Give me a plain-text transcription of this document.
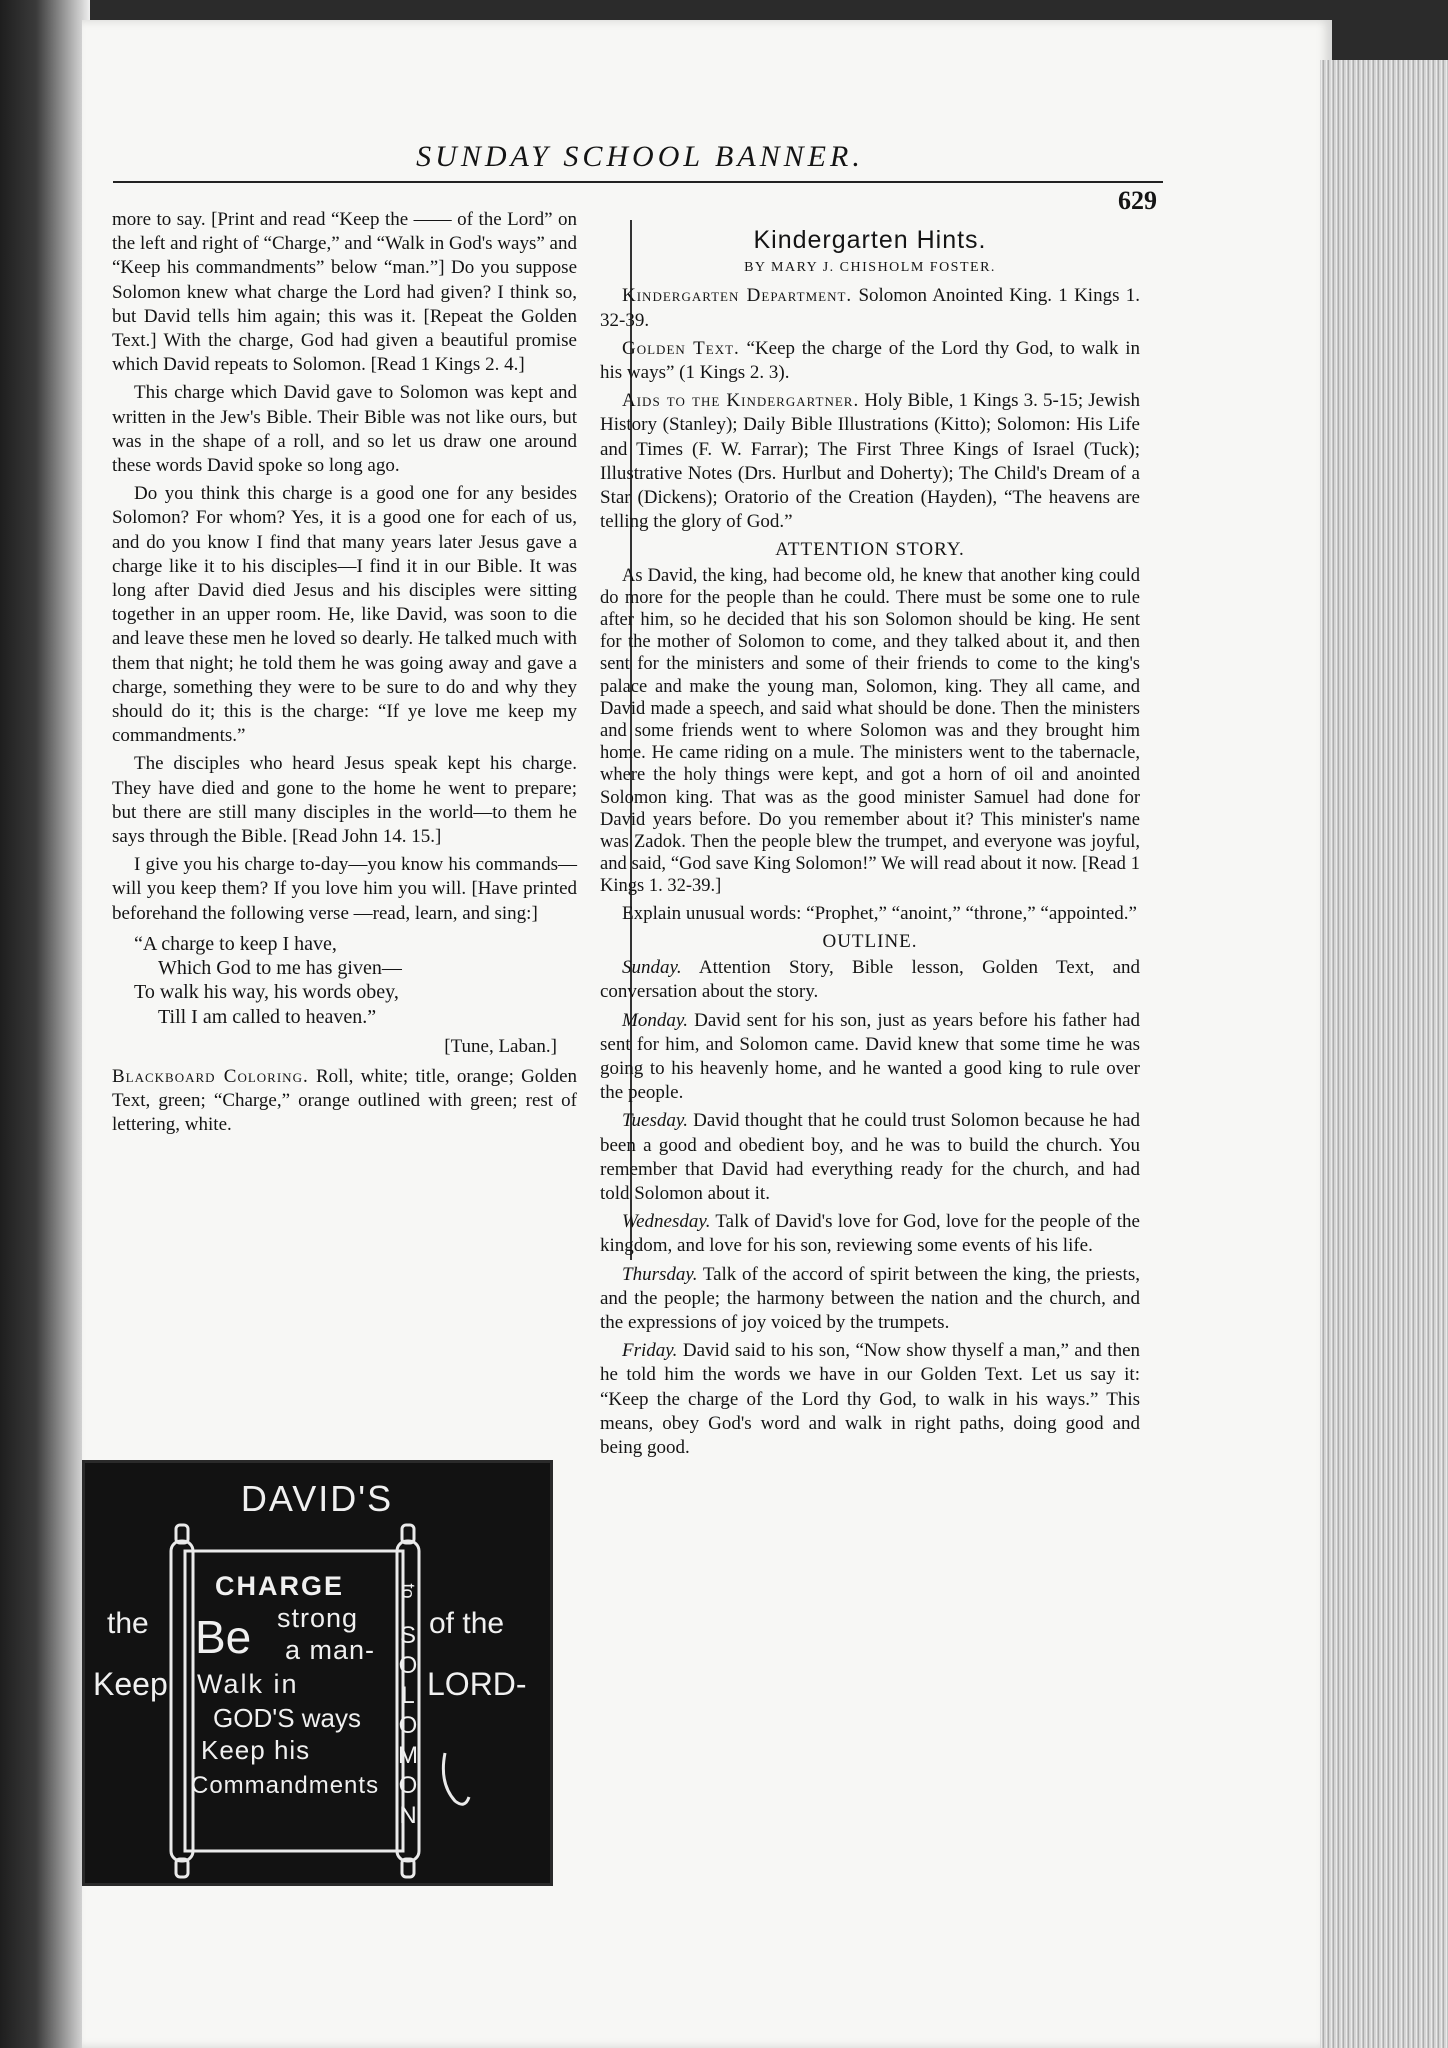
SUNDAY SCHOOL BANNER.
629

more to say. [Print and read “Keep the —— of the Lord” on the left and right of “Charge,” and “Walk in God's ways” and “Keep his commandments” below “man.”] Do you suppose Solomon knew what charge the Lord had given? I think so, but David tells him again; this was it. [Repeat the Golden Text.] With the charge, God had given a beautiful promise which David repeats to Solomon. [Read 1 Kings 2. 4.]

This charge which David gave to Solomon was kept and written in the Jew's Bible. Their Bible was not like ours, but was in the shape of a roll, and so let us draw one around these words David spoke so long ago.

Do you think this charge is a good one for any besides Solomon? For whom? Yes, it is a good one for each of us, and do you know I find that many years later Jesus gave a charge like it to his disciples—I find it in our Bible. It was long after David died Jesus and his disciples were sitting together in an upper room. He, like David, was soon to die and leave these men he loved so dearly. He talked much with them that night; he told them he was going away and gave a charge, something they were to be sure to do and why they should do it; this is the charge: “If ye love me keep my commandments.”

The disciples who heard Jesus speak kept his charge. They have died and gone to the home he went to prepare; but there are still many disciples in the world—to them he says through the Bible. [Read John 14. 15.]

I give you his charge to-day—you know his commands—will you keep them? If you love him you will. [Have printed beforehand the following verse —read, learn, and sing:]

“A charge to keep I have,
Which God to me has given—
To walk his way, his words obey,
Till I am called to heaven.”
[Tune, Laban.]

Blackboard Coloring. Roll, white; title, orange; Golden Text, green; “Charge,” orange outlined with green; rest of lettering, white.

DAVID'S
the
Keep
of the
LORD-
CHARGE
Be strong
a man-
Walk in
GOD'S ways
Keep his
Commandments
to
S
O
L
O
M
O
N
Kindergarten Hints.
BY MARY J. CHISHOLM FOSTER.

Kindergarten Department. Solomon Anointed King. 1 Kings 1. 32-39.

Golden Text. “Keep the charge of the Lord thy God, to walk in his ways” (1 Kings 2. 3).

Aids to the Kindergartner. Holy Bible, 1 Kings 3. 5-15; Jewish History (Stanley); Daily Bible Illustrations (Kitto); Solomon: His Life and Times (F. W. Farrar); The First Three Kings of Israel (Tuck); Illustrative Notes (Drs. Hurlbut and Doherty); The Child's Dream of a Star (Dickens); Oratorio of the Creation (Hayden), “The heavens are telling the glory of God.”

ATTENTION STORY.

As David, the king, had become old, he knew that another king could do more for the people than he could. There must be some one to rule after him, so he decided that his son Solomon should be king. He sent for the mother of Solomon to come, and they talked about it, and then sent for the ministers and some of their friends to come to the king's palace and make the young man, Solomon, king. They all came, and David made a speech, and said what should be done. Then the ministers and some friends went to where Solomon was and they brought him home. He came riding on a mule. The ministers went to the tabernacle, where the holy things were kept, and got a horn of oil and anointed Solomon king. That was as the good minister Samuel had done for David years before. Do you remember about it? This minister's name was Zadok. Then the people blew the trumpet, and everyone was joyful, and said, “God save King Solomon!” We will read about it now. [Read 1 Kings 1. 32-39.]

Explain unusual words: “Prophet,” “anoint,” “throne,” “appointed.”

OUTLINE.

Sunday. Attention Story, Bible lesson, Golden Text, and conversation about the story.

Monday. David sent for his son, just as years before his father had sent for him, and Solomon came. David knew that some time he was going to his heavenly home, and he wanted a good king to rule over the people.

Tuesday. David thought that he could trust Solomon because he had been a good and obedient boy, and he was to build the church. You remember that David had everything ready for the church, and had told Solomon about it.

Wednesday. Talk of David's love for God, love for the people of the kingdom, and love for his son, reviewing some events of his life.

Thursday. Talk of the accord of spirit between the king, the priests, and the people; the harmony between the nation and the church, and the expressions of joy voiced by the trumpets.

Friday. David said to his son, “Now show thyself a man,” and then he told him the words we have in our Golden Text. Let us say it: “Keep the charge of the Lord thy God, to walk in his ways.” This means, obey God's word and walk in right paths, doing good and being good.
